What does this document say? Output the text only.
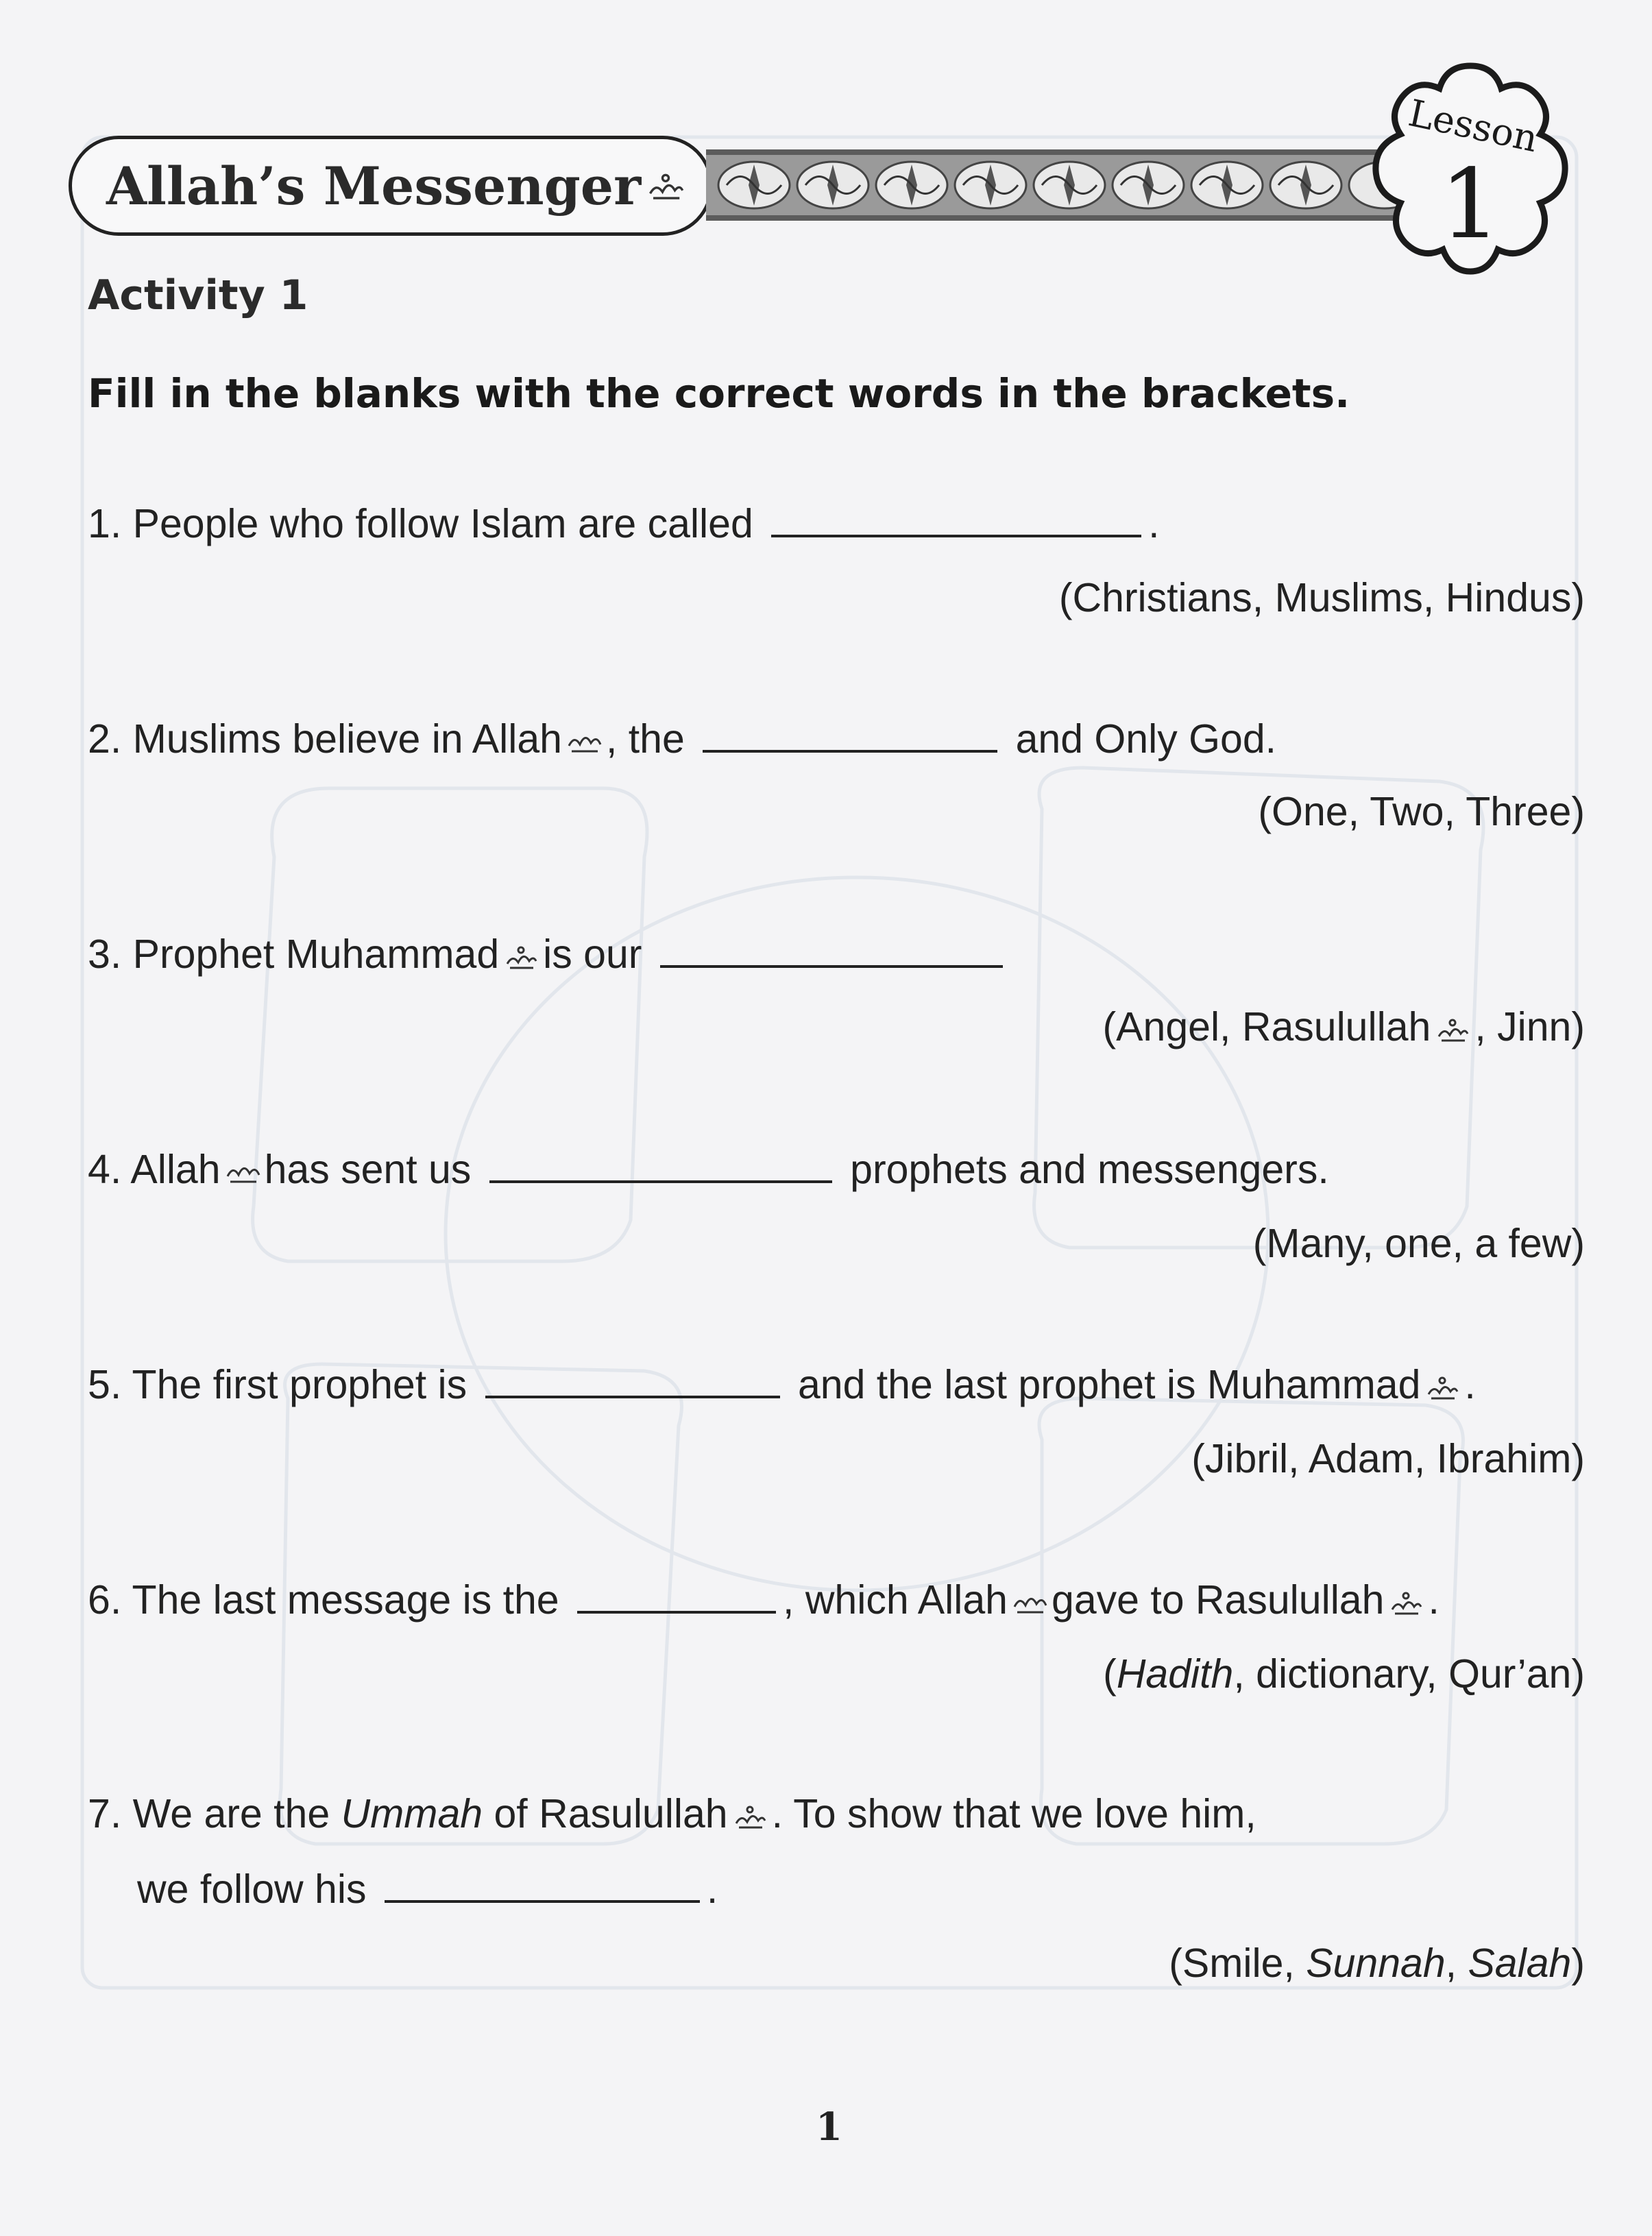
Allah’s Messenger
Lesson
1
Activity 1
Fill in the blanks with the correct words in the brackets.
1. People who follow Islam are called	.
(Christians, Muslims, Hindus)
2. Muslims believe in Allah , the	and Only God.
(One, Two, Three)
3. Prophet Muhammad is our
(Angel, Rasulullah , Jinn)
4. Allah has sent us	prophets and messengers.
(Many, one, a few)
5. The first prophet is	and the last prophet is Muhammad .
(Jibril, Adam, Ibrahim)
6. The last message is the	, which Allah gave to Rasulullah .
(Hadith, dictionary, Qur’an)
7. We are the Ummah of Rasulullah . To show that we love him,
we follow his	.
(Smile, Sunnah, Salah)
1
